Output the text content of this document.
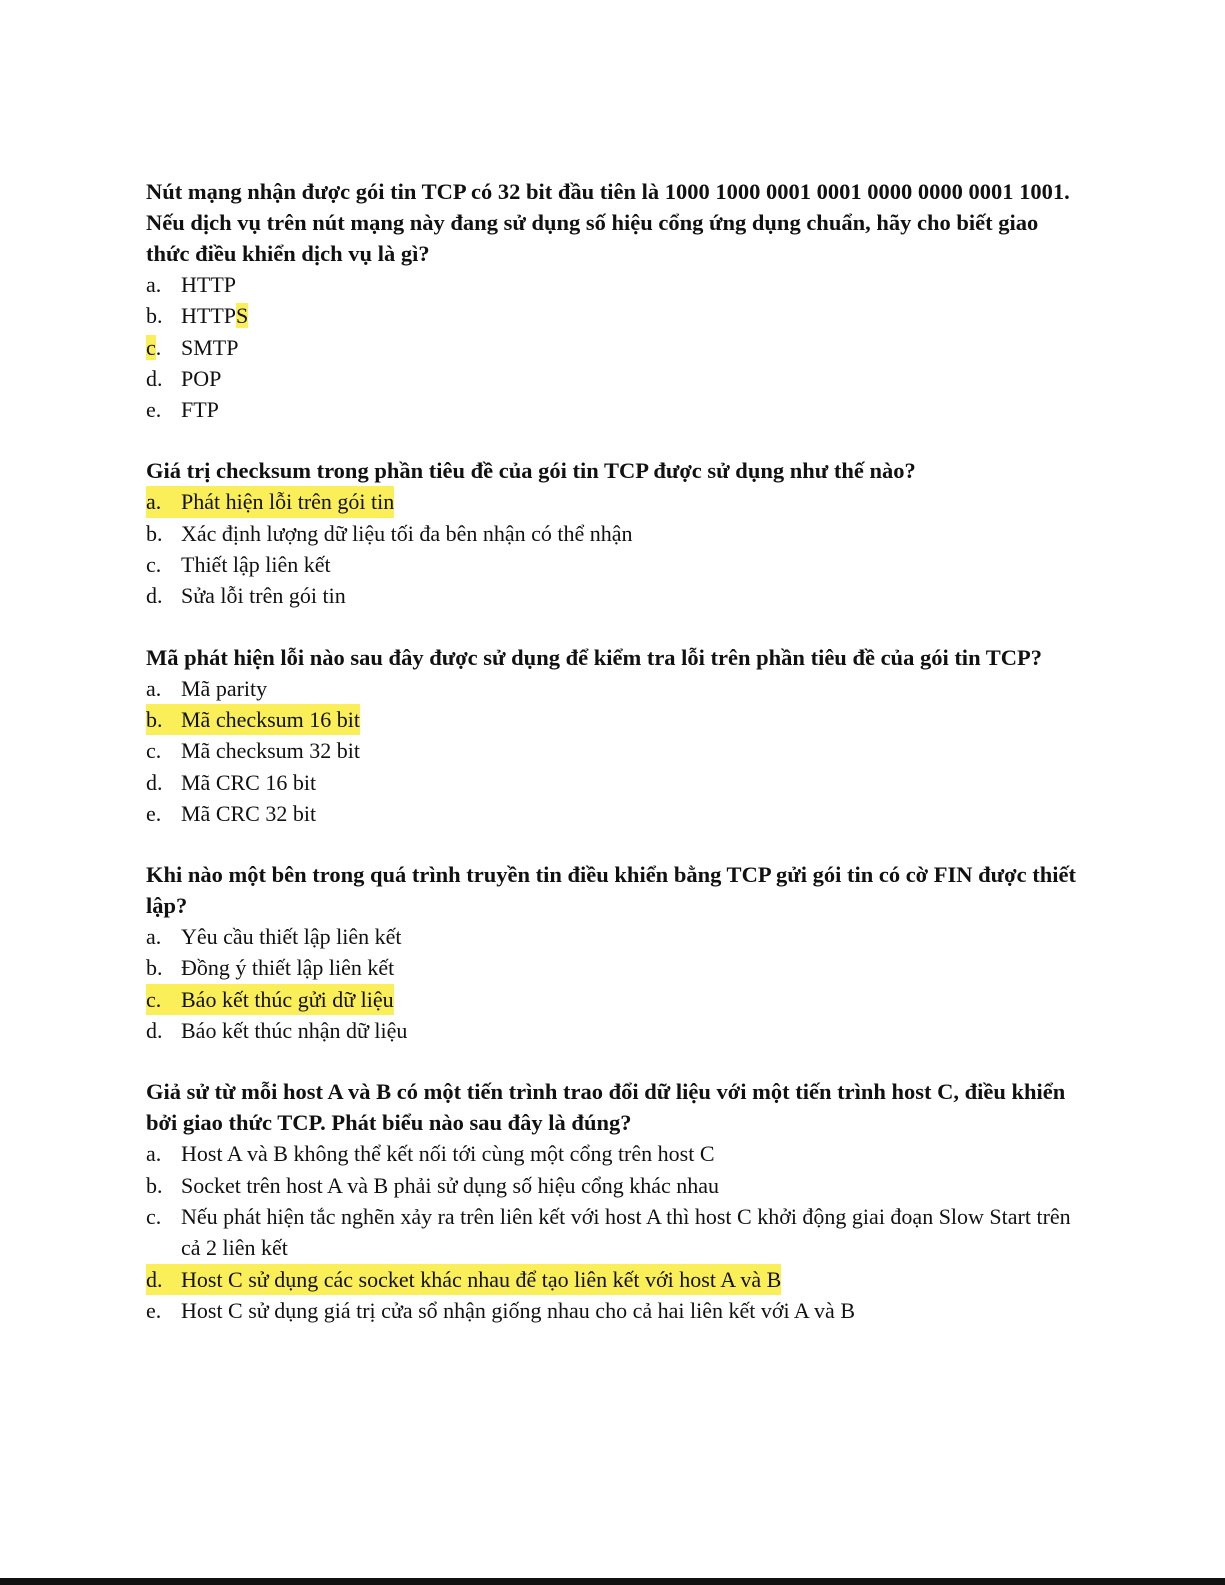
Nút mạng nhận được gói tin TCP có 32 bit đầu tiên là 1000 1000 0001 0001 0000 0000 0001 1001. Nếu dịch vụ trên nút mạng này đang sử dụng số hiệu cổng ứng dụng chuẩn, hãy cho biết giao thức điều khiển dịch vụ là gì?

a. HTTP
b. HTTPS
c. SMTP
d. POP
e. FTP

Giá trị checksum trong phần tiêu đề của gói tin TCP được sử dụng như thế nào?

a. Phát hiện lỗi trên gói tin
b. Xác định lượng dữ liệu tối đa bên nhận có thể nhận
c. Thiết lập liên kết
d. Sửa lỗi trên gói tin

Mã phát hiện lỗi nào sau đây được sử dụng để kiểm tra lỗi trên phần tiêu đề của gói tin TCP?

a. Mã parity
b. Mã checksum 16 bit
c. Mã checksum 32 bit
d. Mã CRC 16 bit
e. Mã CRC 32 bit

Khi nào một bên trong quá trình truyền tin điều khiển bằng TCP gửi gói tin có cờ FIN được thiết lập?

a. Yêu cầu thiết lập liên kết
b. Đồng ý thiết lập liên kết
c. Báo kết thúc gửi dữ liệu
d. Báo kết thúc nhận dữ liệu

Giả sử từ mỗi host A và B có một tiến trình trao đổi dữ liệu với một tiến trình host C, điều khiển bởi giao thức TCP. Phát biểu nào sau đây là đúng?

a. Host A và B không thể kết nối tới cùng một cổng trên host C
b. Socket trên host A và B phải sử dụng số hiệu cổng khác nhau
c. Nếu phát hiện tắc nghẽn xảy ra trên liên kết với host A thì host C khởi động giai đoạn Slow Start trên cả 2 liên kết
d. Host C sử dụng các socket khác nhau để tạo liên kết với host A và B
e. Host C sử dụng giá trị cửa sổ nhận giống nhau cho cả hai liên kết với A và B
